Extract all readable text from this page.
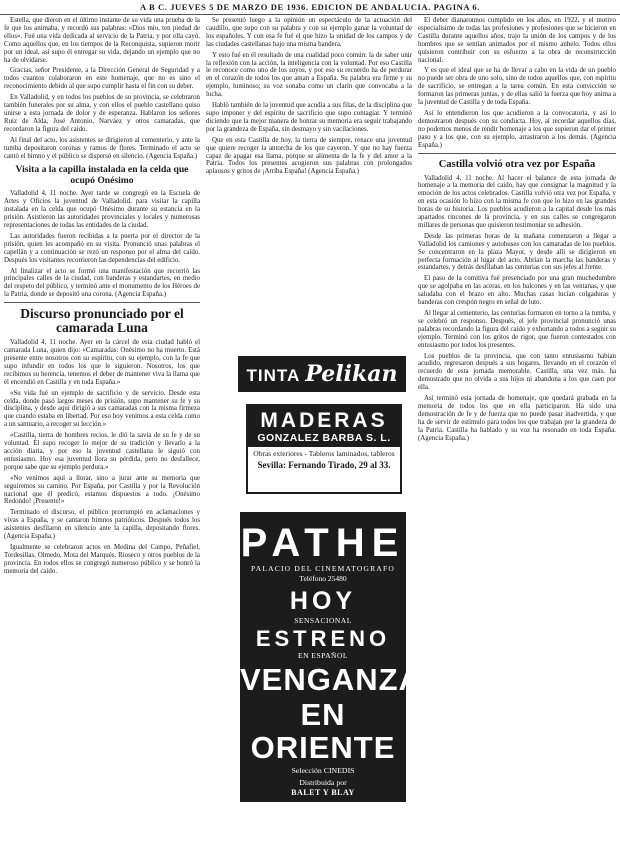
A B C. JUEVES 5 DE MARZO DE 1936. EDICION DE ANDALUCIA. PAGINA 6.

Estella, que dieron en el último instante de su vida una prueba de la fe que los animaba, y recordó sus palabras: «Dios mío, ten piedad de ellos». Fué una vida dedicada al servicio de la Patria, y por ella cayó. Como aquellos que, en los tiempos de la Reconquista, supieron morir por un ideal, así supo él entregar su vida, dejando un ejemplo que no ha de olvidarse.

Gracias, señor Presidente, a la Dirección General de Seguridad y a todos cuantos colaboraron en este homenaje, que no es sino el reconocimiento debido al que supo cumplir hasta el fin con su deber.

En Valladolid, y en todos los pueblos de su provincia, se celebraron también funerales por su alma, y con ellos el pueblo castellano quiso unirse a esta jornada de dolor y de esperanza. Hablaron los señores Ruiz de Alda, José Antonio, Narváez y otros camaradas, que recordaron la figura del caído.

Al final del acto, los asistentes se dirigieron al cementerio, y ante la tumba depositaron coronas y ramos de flores. Terminado el acto se cantó el himno y el público se dispersó en silencio. (Agencia España.)

Visita a la capilla instalada en la celda que ocupó Onésimo

Valladolid 4, 11 noche. Ayer tarde se congregó en la Escuela de Artes y Oficios la juventud de Valladolid, para visitar la capilla instalada en la celda que ocupó Onésimo durante su estancia en la prisión. Asistieron las autoridades provinciales y locales y numerosas representaciones de todas las entidades de la ciudad.

Las autoridades fueron recibidas a la puerta por el director de la prisión, quien les acompañó en su visita. Pronunció unas palabras el capellán y a continuación se rezó un responso por el alma del caído. Después los visitantes recorrieron las dependencias del edificio.

Al finalizar el acto se formó una manifestación que recorrió las principales calles de la ciudad, con banderas y estandartes, en medio del respeto del público, y terminó ante el monumento de los Héroes de la Patria, donde se depositó una corona. (Agencia España.)

Discurso pronunciado por el camarada Luna

Valladolid 4, 11 noche. Ayer en la cárcel de esta ciudad habló el camarada Luna, quien dijo: «Camaradas: Onésimo no ha muerto. Está presente entre nosotros con su espíritu, con su ejemplo, con la fe que supo infundir en todos los que le siguieron. Nosotros, los que recibimos su herencia, tenemos el deber de mantener viva la llama que él encendió en Castilla y en toda España.»

«Su vida fué un ejemplo de sacrificio y de servicio. Desde esta celda, donde pasó largos meses de prisión, supo mantener su fe y su disciplina, y desde aquí dirigió a sus camaradas con la misma firmeza que cuando estaba en libertad. Por eso hoy venimos a esta celda como a un santuario, a recoger su lección.»

«Castilla, tierra de hombres recios, le dió la savia de su fe y de su voluntad. Él supo recoger lo mejor de su tradición y llevarlo a la acción diaria, y por eso la juventud castellana le siguió con entusiasmo. Hoy esa juventud llora su pérdida, pero no desfallece, porque sabe que su ejemplo perdura.»

«No venimos aquí a llorar, sino a jurar ante su memoria que seguiremos su camino. Por España, por Castilla y por la Revolución nacional que él predicó, estamos dispuestos a todo. ¡Onésimo Redondo! ¡Presente!»

Terminado el discurso, el público prorrumpió en aclamaciones y vivas a España, y se cantaron himnos patrióticos. Después todos los asistentes desfilaron en silencio ante la capilla, depositando flores. (Agencia España.)

Igualmente se celebraron actos en Medina del Campo, Peñafiel, Tordesillas, Olmedo, Mota del Marqués, Rioseco y otros pueblos de la provincia. En todos ellos se congregó numeroso público y se honró la memoria del caído.

Se presentó luego a la opinión un espectáculo de la actuación del caudillo, que supo con su palabra y con su ejemplo ganar la voluntad de los españoles. Y con esa fe fué el que hizo la unidad de los campos y de las ciudades castellanas bajo una misma bandera.

Y esto fué en él resultado de una cualidad poco común: la de saber unir la reflexión con la acción, la inteligencia con la voluntad. Por eso Castilla le reconoce como uno de los suyos, y por eso su recuerdo ha de perdurar en el corazón de todos los que aman a España. Su palabra era firme y su ejemplo, luminoso; su voz sonaba como un clarín que convocaba a la lucha.

Habló también de la juventud que acudía a sus filas, de la disciplina que supo imponer y del espíritu de sacrificio que supo contagiar. Y terminó diciendo que la mejor manera de honrar su memoria era seguir trabajando por la grandeza de España, sin desmayo y sin vacilaciones.

Que en esta Castilla de hoy, la tierra de siempre, renace una juventud que quiere recoger la antorcha de los que cayeron. Y que no hay fuerza capaz de apagar esa llama, porque se alimenta de la fe y del amor a la Patria. Todos los presentes acogieron sus palabras con prolongados aplausos y gritos de ¡Arriba España! (Agencia España.)

TINTA Pelikan
MADERAS
GONZALEZ BARBA S. L.
Obras exteriores - Tableros laminados, tableros
Sevilla: Fernando Tirado, 29 al 33.
PATHE
PALACIO DEL CINEMATOGRAFO
Teléfono 25480
HOY
SENSACIONAL
ESTRENO
EN ESPAÑOL
VENGANZA
EN ORIENTE
Selección CINEDIS
Distribuida por
BALET Y BLAY
Principales intérpretes:
PAUL LUKAS-JANE BAXTER
Un argumento de ambiente exótico
y misterioso

El deber dianaronnos cumplido en los años, en 1922, y el motivo especialisimo de todas las profesiones y profesiones que se hicieron en Castilla durante aquellos años, trajo la unión de los campos y de los hombres que se sentían animados por el mismo anhelo. Todos ellos quisieron contribuir con su esfuerzo a la obra de reconstrucción nacional.

Y es que el ideal que se ha de llevar a cabo en la vida de un pueblo no puede ser obra de uno solo, sino de todos aquellos que, con espíritu de sacrificio, se entregan a la tarea común. En esta convicción se formaron las primeras juntas, y de ellas salió la fuerza que hoy anima a la juventud de Castilla y de toda España.

Así lo entendieron los que acudieron a la convocatoria, y así lo demostraron después con su conducta. Hoy, al recordar aquellos días, no podemos menos de rendir homenaje a los que supieron dar el primer paso y a los que, con su ejemplo, arrastraron a los demás. (Agencia España.)

Castilla volvió otra vez por España

Valladolid 4, 11 noche. Al hacer el balance de esta jornada de homenaje a la memoria del caído, hay que consignar la magnitud y la emoción de los actos celebrados. Castilla volvió otra vez por España, y en esta ocasión lo hizo con la misma fe con que lo hizo en las grandes horas de su historia. Los pueblos acudieron a la capital desde los más apartados rincones de la provincia, y en sus calles se congregaron millares de personas que quisieron testimoniar su adhesión.

Desde las primeras horas de la mañana comenzaron a llegar a Valladolid los camiones y autobuses con los camaradas de los pueblos. Se concentraron en la plaza Mayor, y desde allí se dirigieron en perfecta formación al lugar del acto. Abrían la marcha las banderas y estandartes, y detrás desfilaban las centurias con sus jefes al frente.

El paso de la comitiva fué presenciado por una gran muchedumbre que se agolpaba en las aceras, en los balcones y en las ventanas, y que saludaba con el brazo en alto. Muchas casas lucían colgaduras y banderas con crespón negro en señal de luto.

Al llegar al cementerio, las centurias formaron en torno a la tumba, y se celebró un responso. Después, el jefe provincial pronunció unas palabras recordando la figura del caído y exhortando a todos a seguir su ejemplo. Terminó con los gritos de rigor, que fueron contestados con entusiasmo por todos los presentes.

Los pueblos de la provincia, que con tanto entusiasmo habían acudido, regresaron después a sus hogares, llevando en el corazón el recuerdo de esta jornada memorable. Castilla, una vez más, ha demostrado que no olvida a sus hijos ni abandona a los que caen por ella.

Así terminó esta jornada de homenaje, que quedará grabada en la memoria de todos los que en ella participaron. Ha sido una demostración de fe y de fuerza que no puede pasar inadvertida, y que ha de servir de estímulo para todos los que trabajan por la grandeza de la Patria. Castilla ha hablado y su voz ha resonado en toda España. (Agencia España.)
